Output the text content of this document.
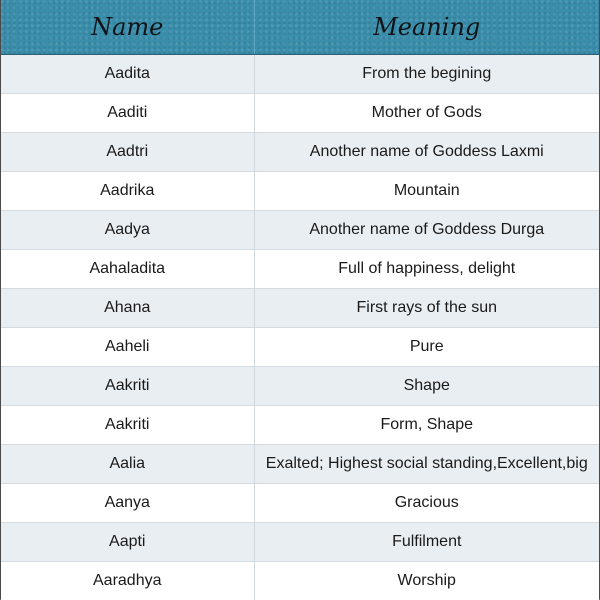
Name	Meaning
Aadita	From the begining
Aaditi	Mother of Gods
Aadtri	Another name of Goddess Laxmi
Aadrika	Mountain
Aadya	Another name of Goddess Durga
Aahaladita	Full of happiness, delight
Ahana	First rays of the sun
Aaheli	Pure
Aakriti	Shape
Aakriti	Form, Shape
Aalia	Exalted; Highest social standing,Excellent,big
Aanya	Gracious
Aapti	Fulfilment
Aaradhya	Worship
